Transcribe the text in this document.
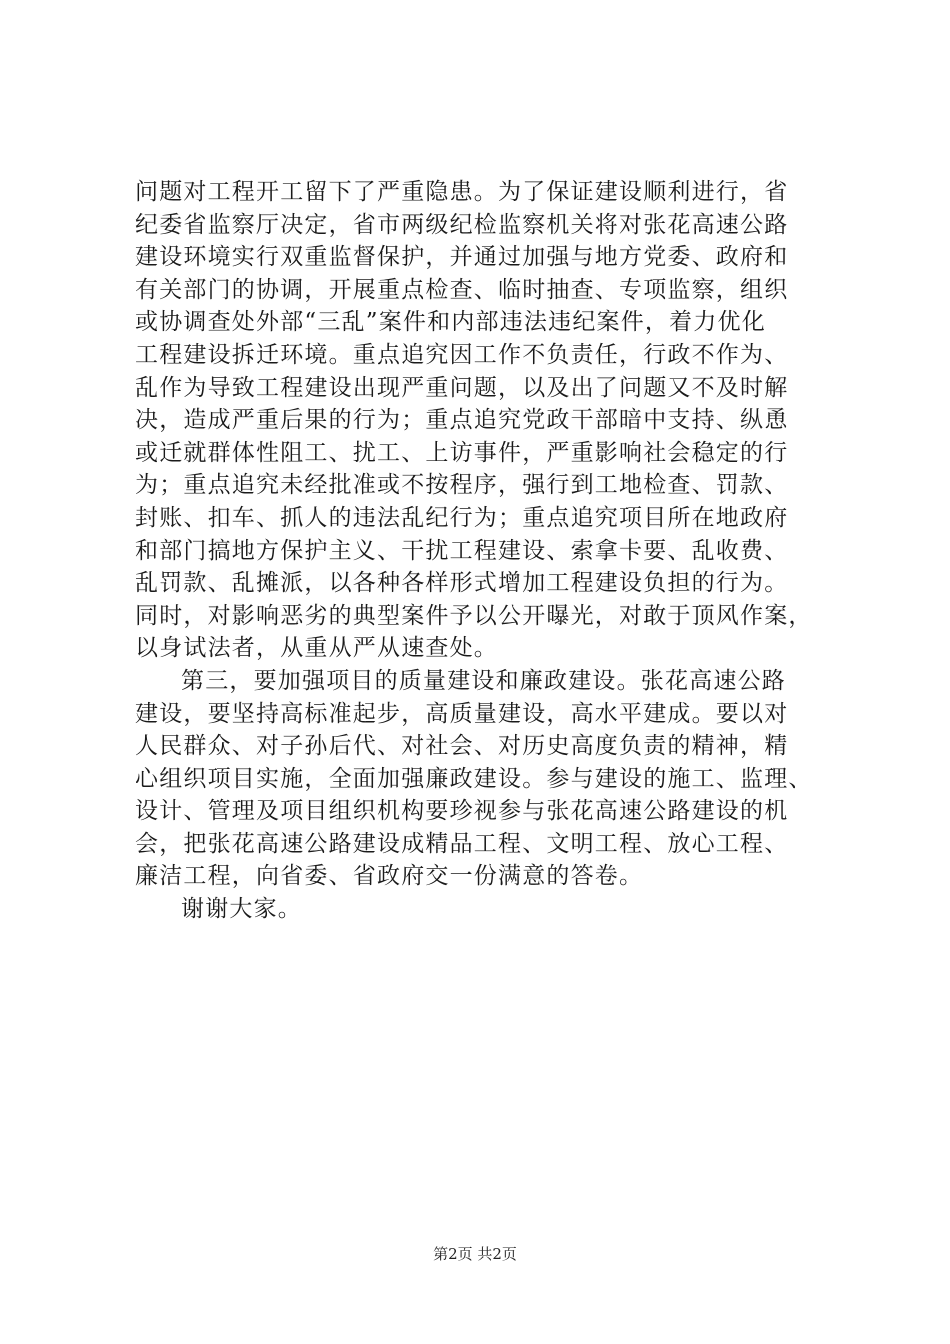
问题对工程开工留下了严重隐患。为了保证建设顺利进行，省
纪委省监察厅决定，省市两级纪检监察机关将对张花高速公路
建设环境实行双重监督保护，并通过加强与地方党委、政府和
有关部门的协调，开展重点检查、临时抽查、专项监察，组织
或协调查处外部“三乱”案件和内部违法违纪案件，着力优化
工程建设拆迁环境。重点追究因工作不负责任，行政不作为、
乱作为导致工程建设出现严重问题，以及出了问题又不及时解
决，造成严重后果的行为；重点追究党政干部暗中支持、纵恿
或迁就群体性阻工、扰工、上访事件，严重影响社会稳定的行
为；重点追究未经批准或不按程序，强行到工地检查、罚款、
封账、扣车、抓人的违法乱纪行为；重点追究项目所在地政府
和部门搞地方保护主义、干扰工程建设、索拿卡要、乱收费、
乱罚款、乱摊派，以各种各样形式增加工程建设负担的行为。
同时，对影响恶劣的典型案件予以公开曝光，对敢于顶风作案，
以身试法者，从重从严从速查处。
第三，要加强项目的质量建设和廉政建设。张花高速公路
建设，要坚持高标准起步，高质量建设，高水平建成。要以对
人民群众、对子孙后代、对社会、对历史高度负责的精神，精
心组织项目实施，全面加强廉政建设。参与建设的施工、监理、
设计、管理及项目组织机构要珍视参与张花高速公路建设的机
会，把张花高速公路建设成精品工程、文明工程、放心工程、
廉洁工程，向省委、省政府交一份满意的答卷。
谢谢大家。
第2页 共2页
